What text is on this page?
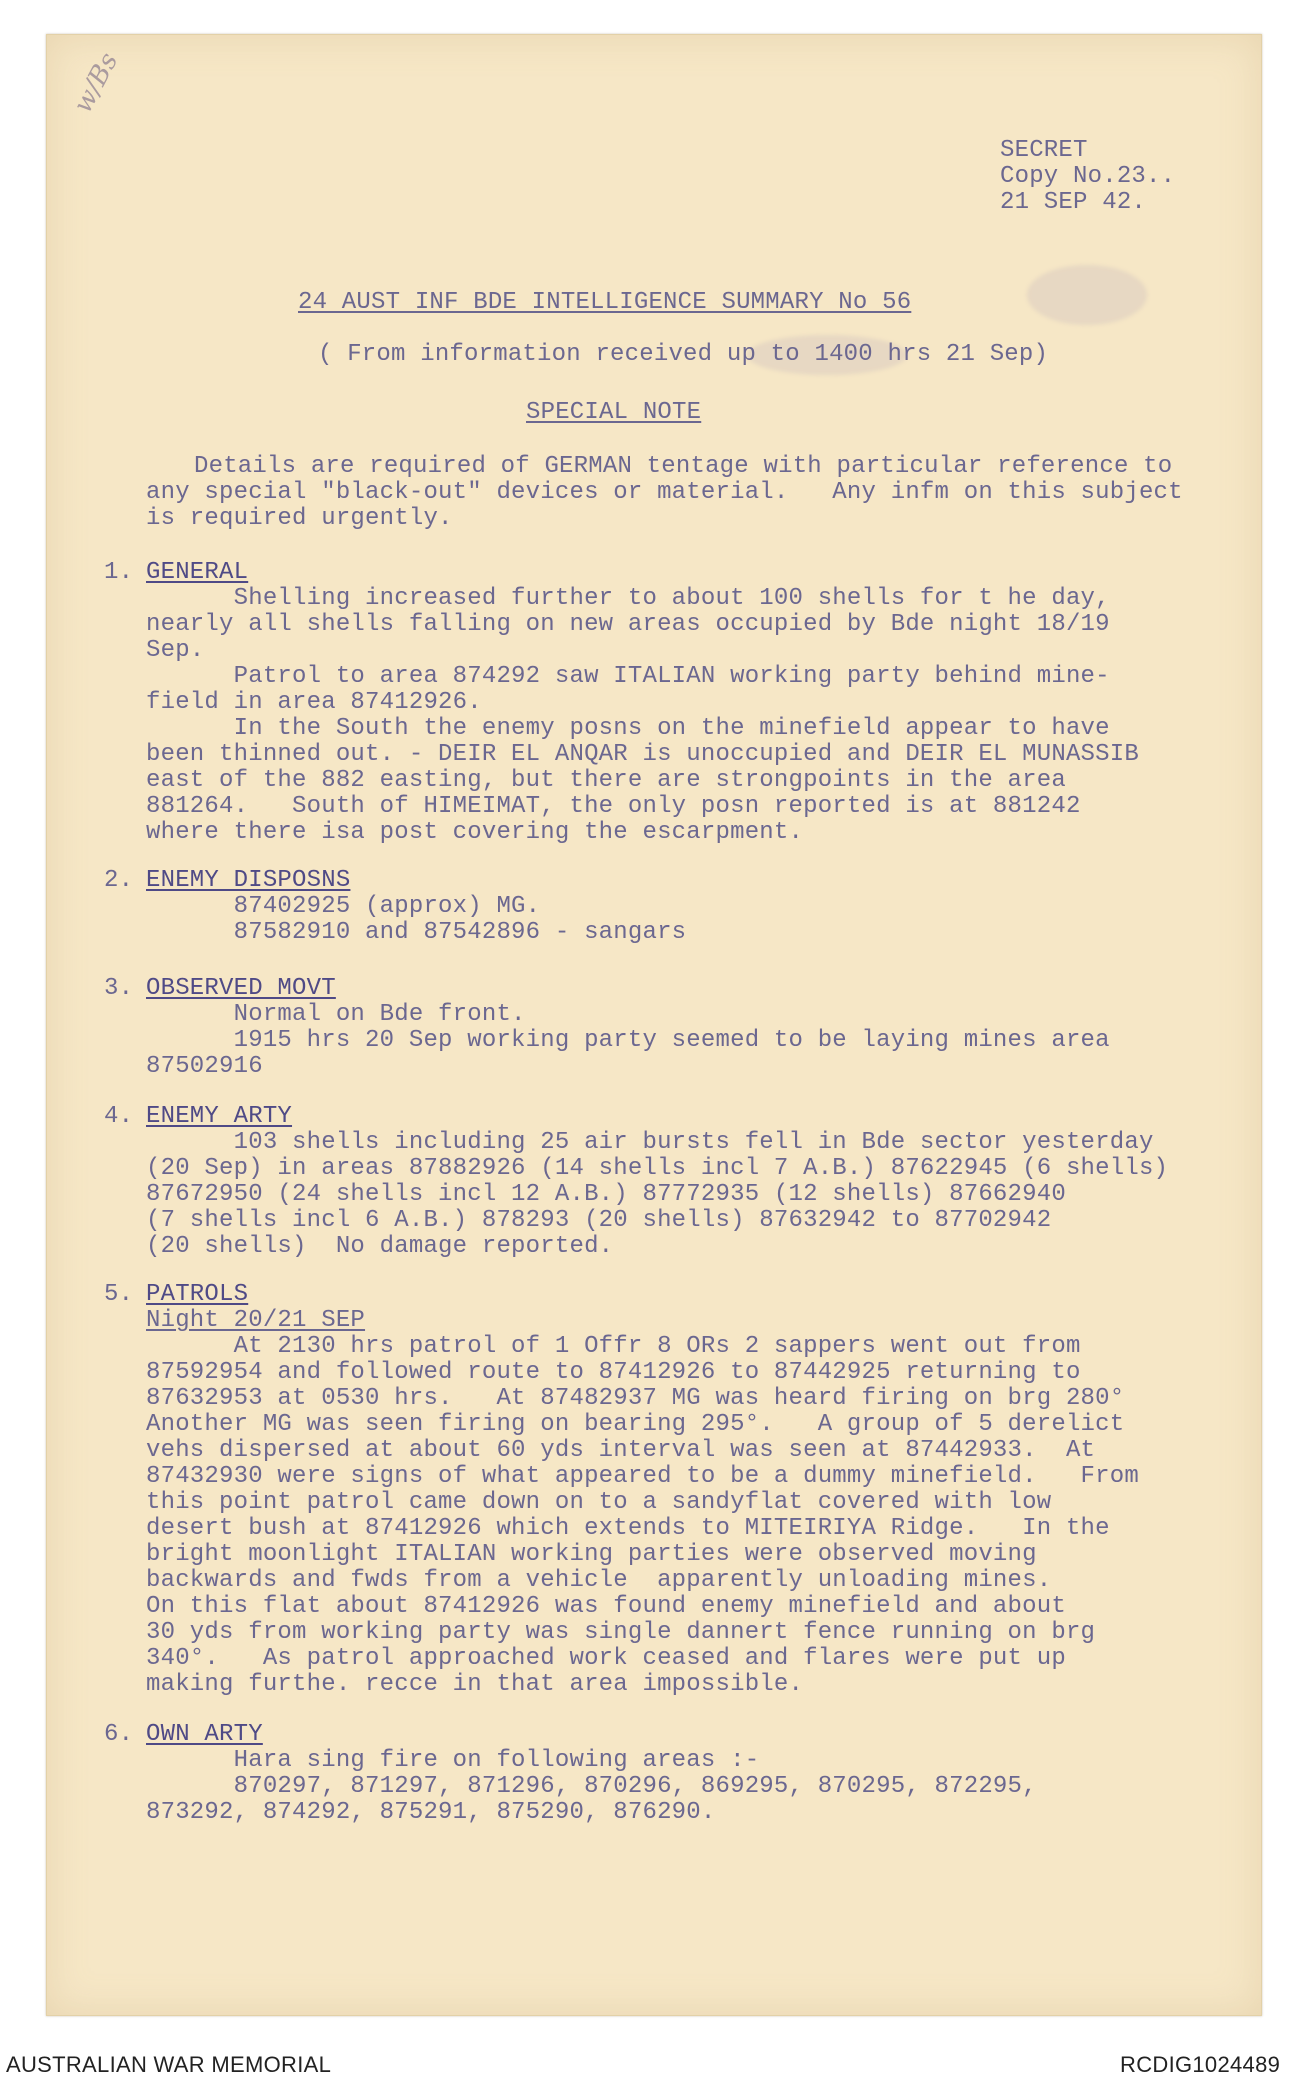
w/Bs
SECRET
Copy No.23..
21 SEP 42.
24 AUST INF BDE INTELLIGENCE SUMMARY No 56
( From information received up to 1400 hrs 21 Sep)
SPECIAL NOTE
Details are required of GERMAN tentage with particular reference to
any special "black-out" devices or material.   Any infm on this subject
is required urgently.
1. GENERAL
Shelling increased further to about 100 shells for t he day,
nearly all shells falling on new areas occupied by Bde night 18/19
Sep.
Patrol to area 874292 saw ITALIAN working party behind mine-
field in area 87412926.
In the South the enemy posns on the minefield appear to have
been thinned out. - DEIR EL ANQAR is unoccupied and DEIR EL MUNASSIB
east of the 882 easting, but there are strongpoints in the area
881264.   South of HIMEIMAT, the only posn reported is at 881242
where there isa post covering the escarpment.
2. ENEMY DISPOSNS
87402925 (approx) MG.
87582910 and 87542896 - sangars
3. OBSERVED MOVT
Normal on Bde front.
1915 hrs 20 Sep working party seemed to be laying mines area
87502916
4. ENEMY ARTY
103 shells including 25 air bursts fell in Bde sector yesterday
(20 Sep) in areas 87882926 (14 shells incl 7 A.B.) 87622945 (6 shells)
87672950 (24 shells incl 12 A.B.) 87772935 (12 shells) 87662940
(7 shells incl 6 A.B.) 878293 (20 shells) 87632942 to 87702942
(20 shells)  No damage reported.
5. PATROLS
Night 20/21 SEP
At 2130 hrs patrol of 1 Offr 8 ORs 2 sappers went out from
87592954 and followed route to 87412926 to 87442925 returning to
87632953 at 0530 hrs.   At 87482937 MG was heard firing on brg 280°
Another MG was seen firing on bearing 295°.   A group of 5 derelict
vehs dispersed at about 60 yds interval was seen at 87442933.  At
87432930 were signs of what appeared to be a dummy minefield.   From
this point patrol came down on to a sandyflat covered with low
desert bush at 87412926 which extends to MITEIRIYA Ridge.   In the
bright moonlight ITALIAN working parties were observed moving
backwards and fwds from a vehicle  apparently unloading mines.
On this flat about 87412926 was found enemy minefield and about
30 yds from working party was single dannert fence running on brg
340°.   As patrol approached work ceased and flares were put up
making furthe. recce in that area impossible.
6. OWN ARTY
Hara sing fire on following areas :-
870297, 871297, 871296, 870296, 869295, 870295, 872295,
873292, 874292, 875291, 875290, 876290.
AUSTRALIAN WAR MEMORIAL	RCDIG1024489
